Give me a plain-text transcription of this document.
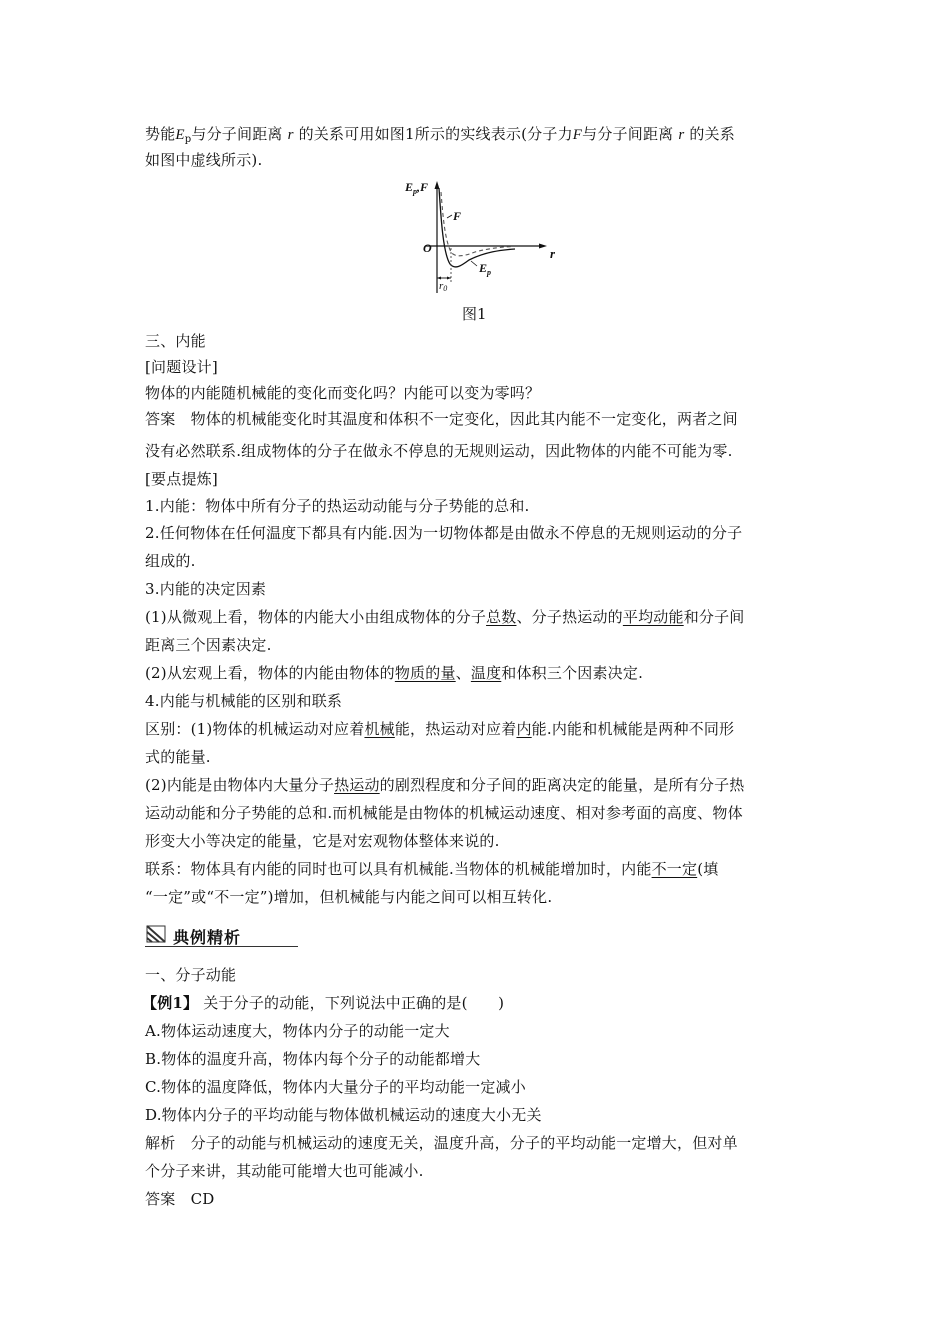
势能$E_p$与分子间距离 r 的关系可用如图1所示的实线表示(分子力F与分子间距离 r 的关系
如图中虚线所示).
$E_p,F$
r
O
F
$E_p$
r0
图1
三、内能
[问题设计]
物体的内能随机械能的变化而变化吗？内能可以变为零吗？
答案　物体的机械能变化时其温度和体积不一定变化，因此其内能不一定变化，两者之间
没有必然联系.组成物体的分子在做永不停息的无规则运动，因此物体的内能不可能为零.
[要点提炼]
1.内能：物体中所有分子的热运动动能与分子势能的总和.
2.任何物体在任何温度下都具有内能.因为一切物体都是由做永不停息的无规则运动的分子
组成的.
3.内能的决定因素
(1)从微观上看，物体的内能大小由组成物体的分子总数、分子热运动的平均动能和分子间
距离三个因素决定.
(2)从宏观上看，物体的内能由物体的物质的量、温度和体积三个因素决定.
4.内能与机械能的区别和联系
区别：(1)物体的机械运动对应着机械能，热运动对应着内能.内能和机械能是两种不同形
式的能量.
(2)内能是由物体内大量分子热运动的剧烈程度和分子间的距离决定的能量，是所有分子热
运动动能和分子势能的总和.而机械能是由物体的机械运动速度、相对参考面的高度、物体
形变大小等决定的能量，它是对宏观物体整体来说的.
联系：物体具有内能的同时也可以具有机械能.当物体的机械能增加时，内能不一定(填
“一定”或“不一定”)增加，但机械能与内能之间可以相互转化.
典例精析
一、分子动能
【例1】 关于分子的动能，下列说法中正确的是(　　)
A.物体运动速度大，物体内分子的动能一定大
B.物体的温度升高，物体内每个分子的动能都增大
C.物体的温度降低，物体内大量分子的平均动能一定减小
D.物体内分子的平均动能与物体做机械运动的速度大小无关
解析　分子的动能与机械运动的速度无关，温度升高，分子的平均动能一定增大，但对单
个分子来讲，其动能可能增大也可能减小.
答案　CD
